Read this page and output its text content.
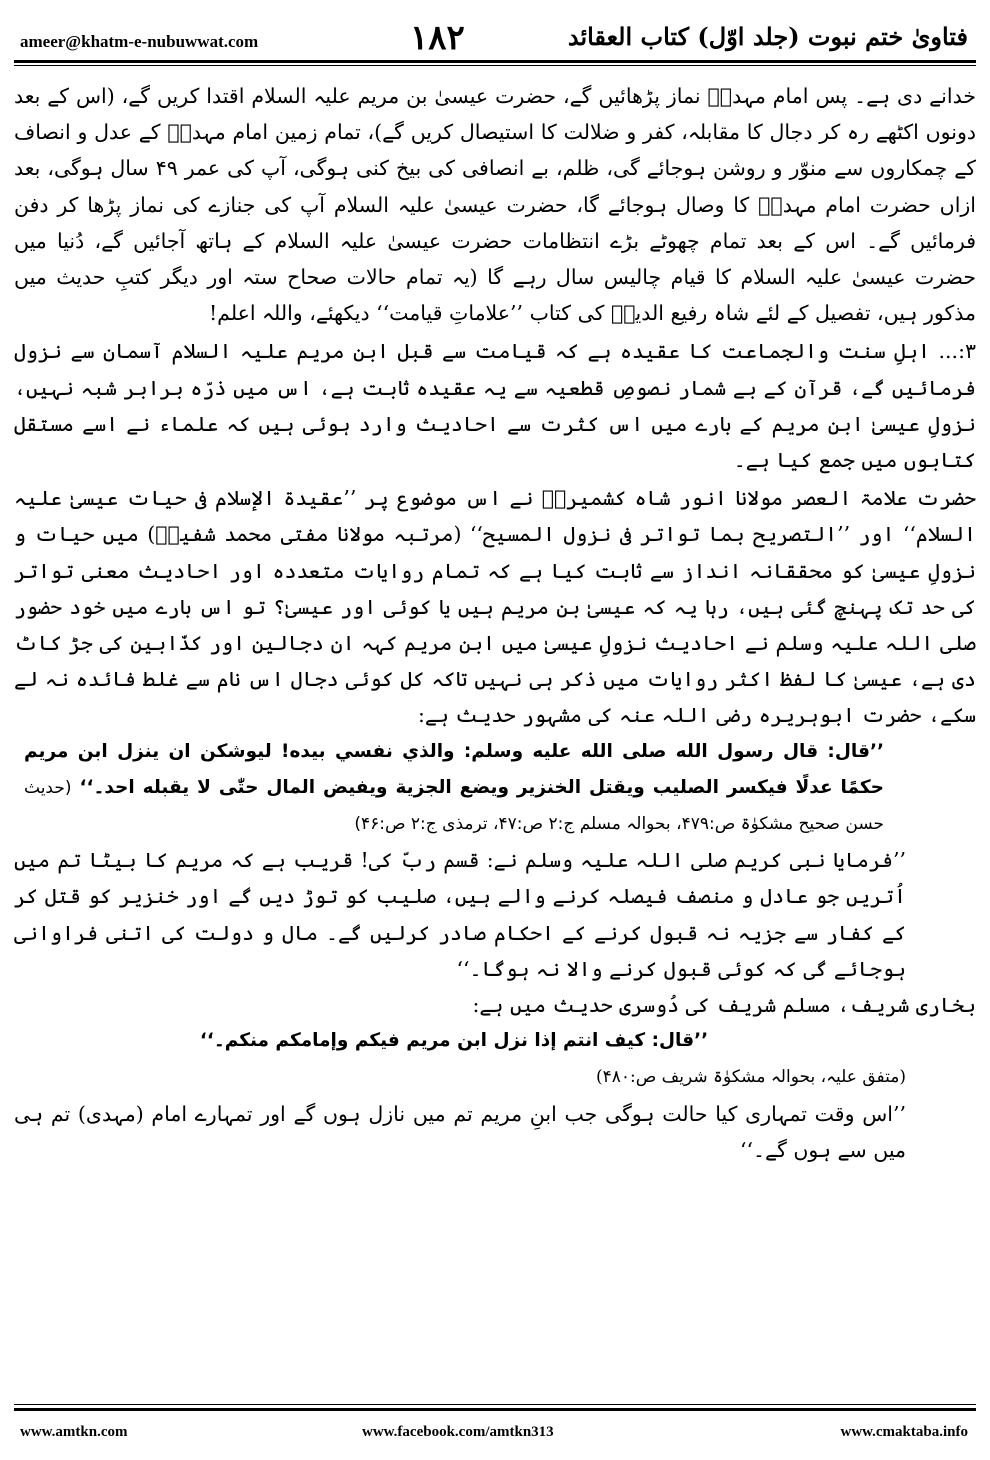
ameer@khatm-e-nubuwwat.com	۱۸۲	فتاویٰ ختم نبوت (جلد اوّل) کتاب العقائد

خدانے دی ہے۔ پس امام مہدیؓ نماز پڑھائیں گے، حضرت عیسیٰ بن مریم علیہ السلام اقتدا کریں گے، (اس کے بعد دونوں اکٹھے رہ کر دجال کا مقابلہ، کفر و ضلالت کا استیصال کریں گے)، تمام زمین امام مہدیؓ کے عدل و انصاف کے چمکاروں سے منوّر و روشن ہوجائے گی، ظلم، بے انصافی کی بیخ کنی ہوگی، آپ کی عمر ۴۹ سال ہوگی، بعد ازاں حضرت امام مہدیؓ کا وصال ہوجائے گا، حضرت عیسیٰ علیہ السلام آپ کی جنازے کی نماز پڑھا کر دفن فرمائیں گے۔ اس کے بعد تمام چھوٹے بڑے انتظامات حضرت عیسیٰ علیہ السلام کے ہاتھ آجائیں گے، دُنیا میں حضرت عیسیٰ علیہ السلام کا قیام چالیس سال رہے گا (یہ تمام حالات صحاح ستہ اور دیگر کتبِ حدیث میں مذکور ہیں، تفصیل کے لئے شاہ رفیع الدینؒ کی کتاب ’’علاماتِ قیامت‘‘ دیکھئے، واللہ اعلم!

۳:... اہلِ سنت والجماعت کا عقیدہ ہے کہ قیامت سے قبل ابن مریم علیہ السلام آسمان سے نزول فرمائیں گے، قرآن کے بے شمار نصوصِ قطعیہ سے یہ عقیدہ ثابت ہے، اس میں ذرّہ برابر شبہ نہیں، نزولِ عیسیٰ ابن مریم کے بارے میں اس کثرت سے احادیث وارد ہوئی ہیں کہ علماء نے اسے مستقل کتابوں میں جمع کیا ہے۔

حضرت علامۃ العصر مولانا انور شاہ کشمیریؒ نے اس موضوع پر ’’عقیدۃ الإسلام فی حیات عیسیٰ علیہ السلام‘‘ اور ’’التصریح بما تواتر فی نزول المسیح‘‘ (مرتبہ مولانا مفتی محمد شفیعؒ) میں حیات و نزولِ عیسیٰ کو محققانہ انداز سے ثابت کیا ہے کہ تمام روایات متعددہ اور احادیث معنی تواتر کی حد تک پہنچ گئی ہیں، رہا یہ کہ عیسیٰ بن مریم ہیں یا کوئی اور عیسیٰ؟ تو اس بارے میں خود حضور صلی اللہ علیہ وسلم نے احادیث نزولِ عیسیٰ میں ابن مریم کہہ ان دجالین اور کذّابین کی جڑ کاٹ دی ہے، عیسیٰ کا لفظ اکثر روایات میں ذکر ہی نہیں تاکہ کل کوئی دجال اس نام سے غلط فائدہ نہ لے سکے، حضرت ابوہریرہ رضی اللہ عنہ کی مشہور حدیث ہے:

’’قال: قال رسول الله صلى الله عليه وسلم: والذي نفسي بيده! ليوشكن ان ينزل ابن مريم حكمًا عدلًا فيكسر الصليب ويقتل الخنزير ويضع الجزية ويفيض المال حتّٰى لا يقبله احد۔‘‘ (حدیث حسن صحیح مشکوٰۃ ص:۴۷۹، بحوالہ مسلم ج:۲ ص:۴۷، ترمذی ج:۲ ص:۴۶)

’’فرمایا نبی کریم صلی اللہ علیہ وسلم نے: قسم ربّ کی! قریب ہے کہ مریم کا بیٹا تم میں اُتریں جو عادل و منصف فیصلہ کرنے والے ہیں، صلیب کو توڑ دیں گے اور خنزیر کو قتل کر کے کفار سے جزیہ نہ قبول کرنے کے احکام صادر کرلیں گے۔ مال و دولت کی اتنی فراوانی ہوجائے گی کہ کوئی قبول کرنے والا نہ ہوگا۔‘‘

بخاری شریف، مسلم شریف کی دُوسری حدیث میں ہے:

’’قال: كيف انتم إذا نزل ابن مريم فيكم وإمامكم منكم۔‘‘

(متفق علیہ، بحوالہ مشکوٰۃ شریف ص:۴۸۰)

’’اس وقت تمہاری کیا حالت ہوگی جب ابنِ مریم تم میں نازل ہوں گے اور تمہارے امام (مہدی) تم ہی میں سے ہوں گے۔‘‘

www.amtkn.com	www.facebook.com/amtkn313	www.cmaktaba.info
